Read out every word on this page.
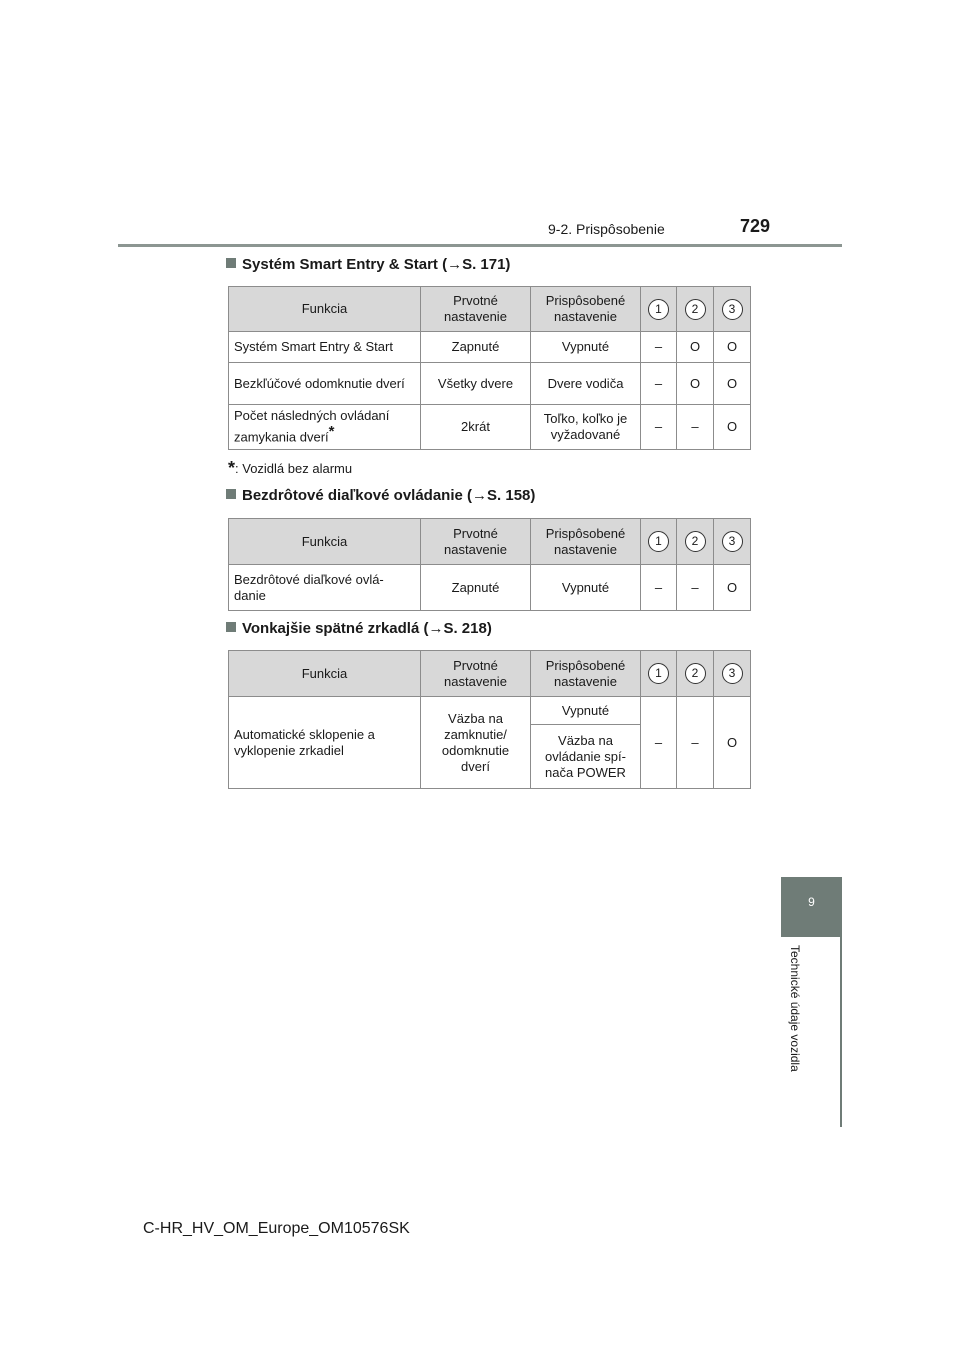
9-2. Prispôsobenie	729
9
Technické údaje vozidla
Systém Smart Entry & Start (→S. 171)
Funkcia	Prvotné nastavenie	Prispôsobené nastavenie	1	2	3
Systém Smart Entry & Start	Zapnuté	Vypnuté	–	O	O
Bezkľúčové odomknutie dverí	Všetky dvere	Dvere vodiča	–	O	O
Počet následných ovládaní zamykania dverí*	2krát	Toľko, koľko je vyžadované	–	–	O
*: Vozidlá bez alarmu
Bezdrôtové diaľkové ovládanie (→S. 158)
Funkcia	Prvotné nastavenie	Prispôsobené nastavenie	1	2	3
Bezdrôtové diaľkové ovlá-danie	Zapnuté	Vypnuté	–	–	O
Vonkajšie spätné zrkadlá (→S. 218)
Funkcia	Prvotné nastavenie	Prispôsobené nastavenie	1	2	3
Automatické sklopenie a vyklopenie zrkadiel	Väzba na zamknutie/ odomknutie dverí	Vypnuté	–	–	O
		Väzba na ovládanie spí-nača POWER			
C-HR_HV_OM_Europe_OM10576SK
